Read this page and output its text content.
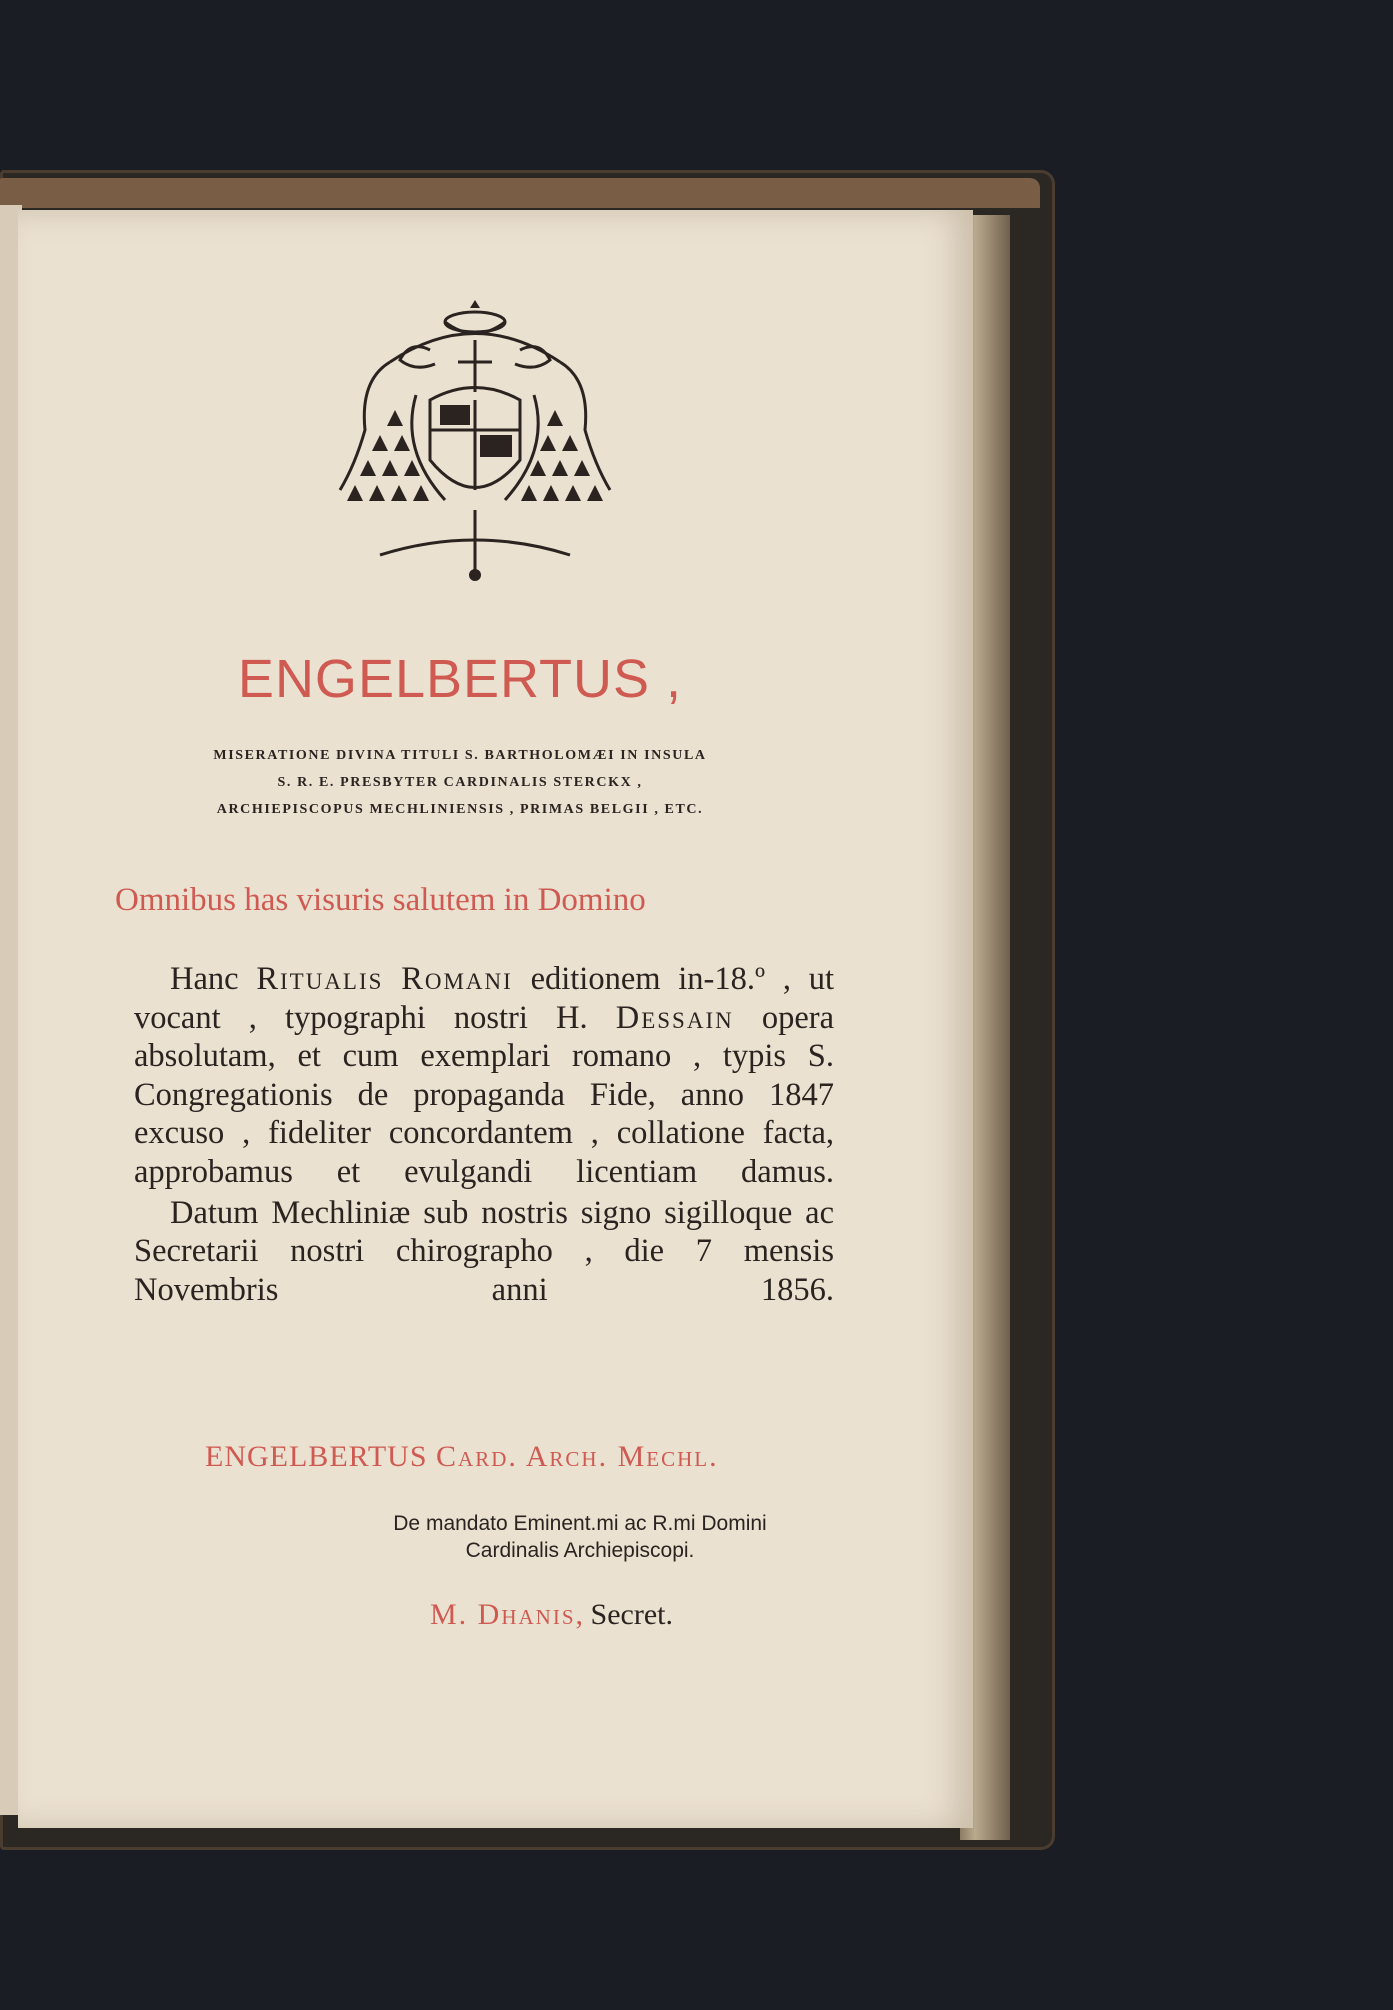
ENGELBERTUS ,
MISERATIONE DIVINA TITULI S. BARTHOLOMÆI IN INSULA
S. R. E. PRESBYTER CARDINALIS STERCKX ,
ARCHIEPISCOPUS MECHLINIENSIS , PRIMAS BELGII , ETC.
Omnibus has visuris salutem in Domino

Hanc Ritualis Romani editionem in-18.º , ut vocant , typographi nostri H. Dessain opera absolutam, et cum exemplari romano , typis S. Congregationis de propaganda Fide, anno 1847 excuso , fideliter concordantem , collatione facta, approbamus et evulgandi licentiam damus.

Datum Mechliniæ sub nostris signo sigilloque ac Secretarii nostri chirographo , die 7 mensis Novembris anni 1856.

ENGELBERTUS Card. Arch. Mechl.
De mandato Eminent.mi ac R.mi Domini
Cardinalis Archiepiscopi.
M. Dhanis, Secret.
